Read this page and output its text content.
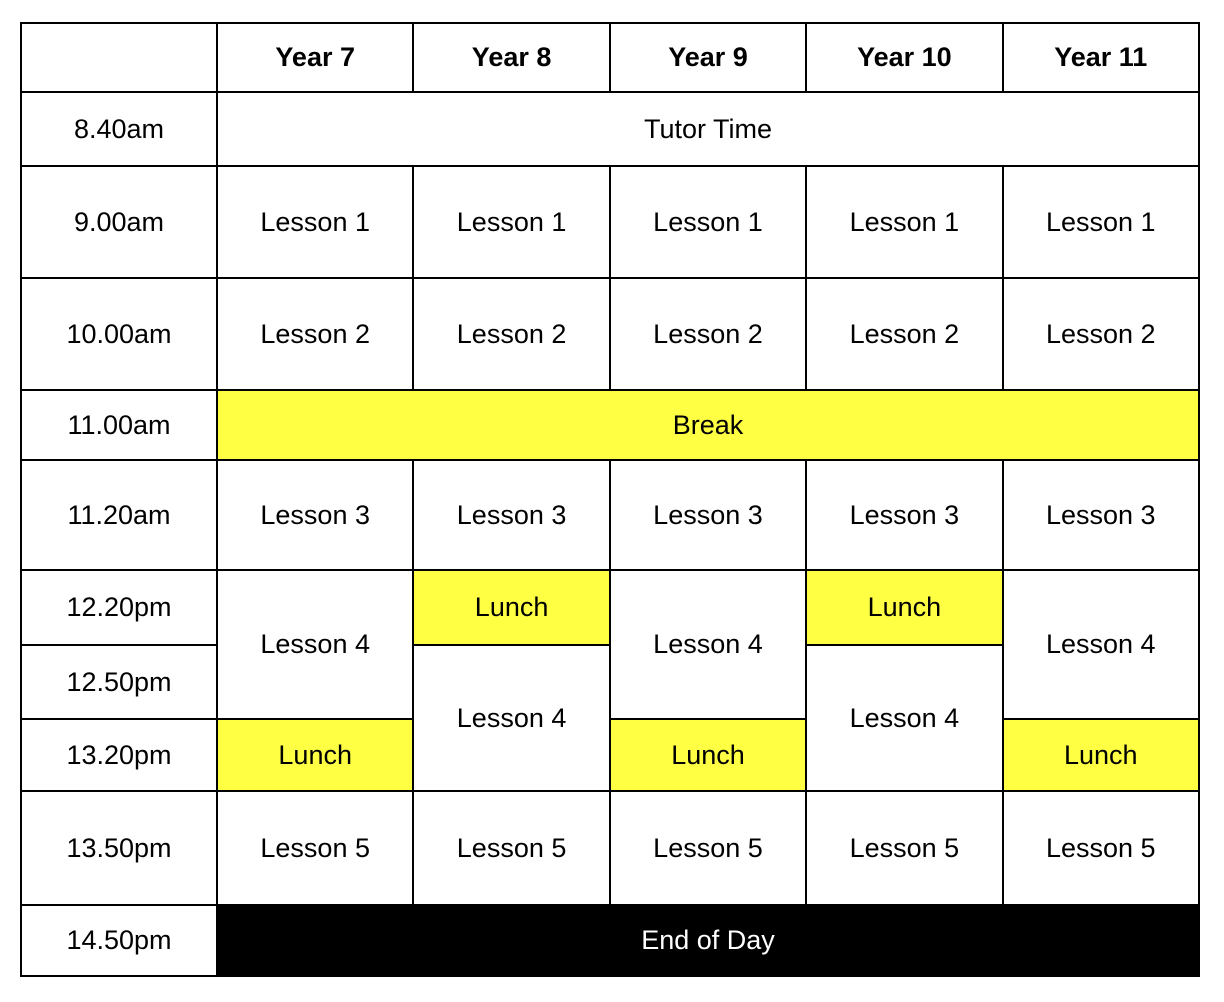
	Year 7	Year 8	Year 9	Year 10	Year 11
8.40am	Tutor Time				
9.00am	Lesson 1	Lesson 1	Lesson 1	Lesson 1	Lesson 1
10.00am	Lesson 2	Lesson 2	Lesson 2	Lesson 2	Lesson 2
11.00am	Break				
11.20am	Lesson 3	Lesson 3	Lesson 3	Lesson 3	Lesson 3
12.20pm	Lesson 4	Lunch	Lesson 4	Lunch	Lesson 4
12.50pm		Lesson 4		Lesson 4	
13.20pm	Lunch		Lunch		Lunch
13.50pm	Lesson 5	Lesson 5	Lesson 5	Lesson 5	Lesson 5
14.50pm	End of Day				
